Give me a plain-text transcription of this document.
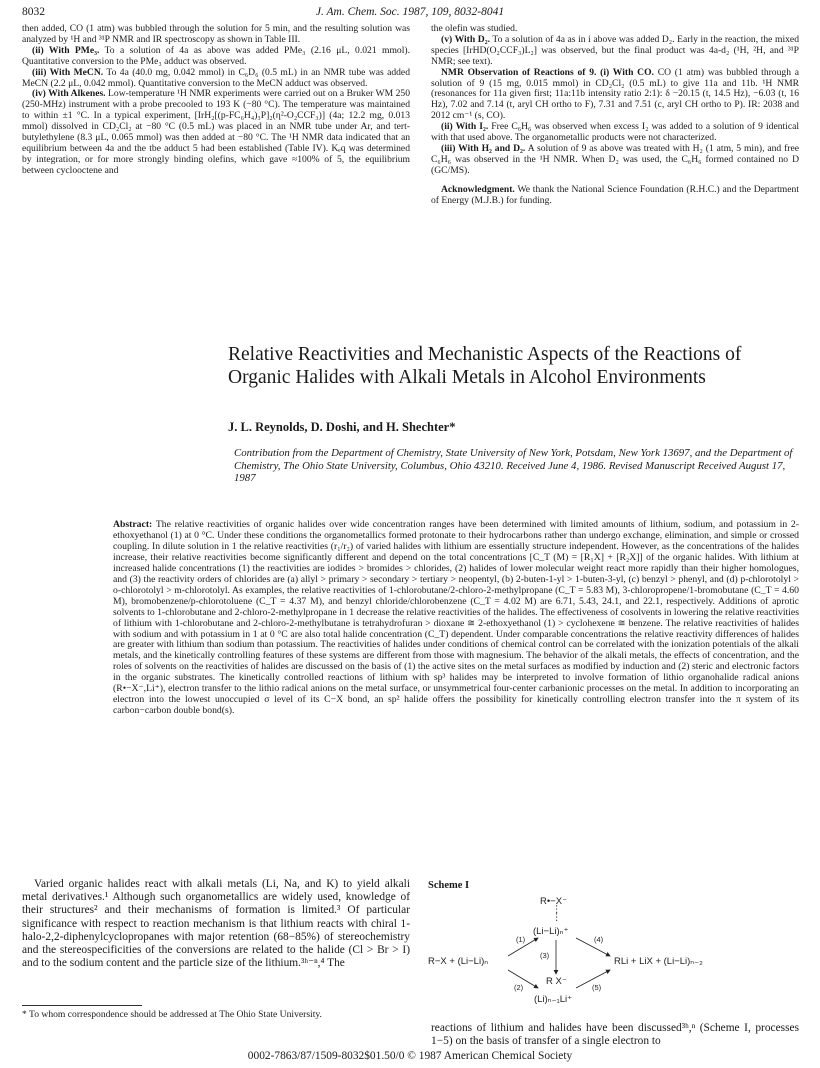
8032	J. Am. Chem. Soc. 1987, 109, 8032-8041

then added, CO (1 atm) was bubbled through the solution for 5 min, and the resulting solution was analyzed by ¹H and ³¹P NMR and IR spectroscopy as shown in Table III.

(ii) With PMe₃. To a solution of 4a as above was added PMe₃ (2.16 μL, 0.021 mmol). Quantitative conversion to the PMe₃ adduct was observed.

(iii) With MeCN. To 4a (40.0 mg, 0.042 mmol) in C₆D₆ (0.5 mL) in an NMR tube was added MeCN (2.2 μL, 0.042 mmol). Quantitative conversion to the MeCN adduct was observed.

(iv) With Alkenes. Low-temperature ¹H NMR experiments were carried out on a Bruker WM 250 (250-MHz) instrument with a probe precooled to 193 K (−80 °C). The temperature was maintained to within ±1 °C. In a typical experiment, [IrH₂[(p-FC₆H₄)₃P]₂(η²-O₂CCF₃)] (4a; 12.2 mg, 0.013 mmol) dissolved in CD₂Cl₂ at −80 °C (0.5 mL) was placed in an NMR tube under Ar, and tert-butylethylene (8.3 μL, 0.065 mmol) was then added at −80 °C. The ¹H NMR data indicated that an equilibrium between 4a and the tbe adduct 5 had been established (Table IV). Kₑq was determined by integration, or for more strongly binding olefins, which gave ≈100% of 5, the equilibrium between cyclooctene and

the olefin was studied.

(v) With D₂. To a solution of 4a as in i above was added D₂. Early in the reaction, the mixed species [IrHD(O₂CCF₃)L₂] was observed, but the final product was 4a-d₂ (¹H, ²H, and ³¹P NMR; see text).

NMR Observation of Reactions of 9. (i) With CO. CO (1 atm) was bubbled through a solution of 9 (15 mg, 0.015 mmol) in CD₂Cl₂ (0.5 mL) to give 11a and 11b. ¹H NMR (resonances for 11a given first; 11a:11b intensity ratio 2:1): δ −20.15 (t, 14.5 Hz), −6.03 (t, 16 Hz), 7.02 and 7.14 (t, aryl CH ortho to F), 7.31 and 7.51 (c, aryl CH ortho to P). IR: 2038 and 2012 cm⁻¹ (s, CO).

(ii) With I₂. Free C₆H₆ was observed when excess I₂ was added to a solution of 9 identical with that used above. The organometallic products were not characterized.

(iii) With H₂ and D₂. A solution of 9 as above was treated with H₂ (1 atm, 5 min), and free C₆H₆ was observed in the ¹H NMR. When D₂ was used, the C₆H₆ formed contained no D (GC/MS).

Acknowledgment. We thank the National Science Foundation (R.H.C.) and the Department of Energy (M.J.B.) for funding.

Relative Reactivities and Mechanistic Aspects of the Reactions of Organic Halides with Alkali Metals in Alcohol Environments
J. L. Reynolds, D. Doshi, and H. Shechter*
Contribution from the Department of Chemistry, State University of New York, Potsdam, New York 13697, and the Department of Chemistry, The Ohio State University, Columbus, Ohio 43210. Received June 4, 1986. Revised Manuscript Received August 17, 1987
Abstract: The relative reactivities of organic halides over wide concentration ranges have been determined with limited amounts of lithium, sodium, and potassium in 2-ethoxyethanol (1) at 0 °C. Under these conditions the organometallics formed protonate to their hydrocarbons rather than undergo exchange, elimination, and simple or crossed coupling. In dilute solution in 1 the relative reactivities (r₁/r₂) of varied halides with lithium are essentially structure independent. However, as the concentrations of the halides increase, their relative reactivities become significantly different and depend on the total concentrations [C_T (M) = [R₁X] + [R₂X]] of the organic halides. With lithium at increased halide concentrations (1) the reactivities are iodides > bromides > chlorides, (2) halides of lower molecular weight react more rapidly than their higher homologues, and (3) the reactivity orders of chlorides are (a) allyl > primary > secondary > tertiary > neopentyl, (b) 2-buten-1-yl > 1-buten-3-yl, (c) benzyl > phenyl, and (d) p-chlorotolyl > o-chlorotolyl > m-chlorotolyl. As examples, the relative reactivities of 1-chlorobutane/2-chloro-2-methylpropane (C_T = 5.83 M), 3-chloropropene/1-bromobutane (C_T = 4.60 M), bromobenzene/p-chlorotoluene (C_T = 4.37 M), and benzyl chloride/chlorobenzene (C_T = 4.02 M) are 6.71, 5.43, 24.1, and 22.1, respectively. Additions of aprotic solvents to 1-chlorobutane and 2-chloro-2-methylpropane in 1 decrease the relative reactivities of the halides. The effectiveness of cosolvents in lowering the relative reactivities of lithium with 1-chlorobutane and 2-chloro-2-methylbutane is tetrahydrofuran > dioxane ≅ 2-ethoxyethanol (1) > cyclohexene ≅ benzene. The relative reactivities of halides with sodium and with potassium in 1 at 0 °C are also total halide concentration (C_T) dependent. Under comparable concentrations the relative reactivity differences of halides are greater with lithium than sodium than potassium. The reactivities of halides under conditions of chemical control can be correlated with the ionization potentials of the alkali metals, and the kinetically controlling features of these systems are different from those with magnesium. The behavior of the alkali metals, the effects of concentration, and the roles of solvents on the reactivities of halides are discussed on the basis of (1) the active sites on the metal surfaces as modified by induction and (2) steric and electronic factors in the organic substrates. The kinetically controlled reactions of lithium with sp³ halides may be interpreted to involve formation of lithio organohalide radical anions (R•−X⁻,Li⁺), electron transfer to the lithio radical anions on the metal surface, or unsymmetrical four-center carbanionic processes on the metal. In addition to incorporating an electron into the lowest unoccupied σ level of its C−X bond, an sp² halide offers the possibility for kinetically controlling electron transfer into the π system of its carbon−carbon double bond(s).
Varied organic halides react with alkali metals (Li, Na, and K) to yield alkali metal derivatives.¹ Although such organometallics are widely used, knowledge of their structures² and their mechanisms of formation is limited.³ Of particular significance with respect to reaction mechanism is that lithium reacts with chiral 1-halo-2,2-diphenylcyclopropanes with major retention (68−85%) of stereochemistry and the stereospecificities of the conversions are related to the halide (Cl > Br > I) and to the sodium content and the particle size of the lithium.³ʰ⁻ⁿ,⁴ The
* To whom correspondence should be addressed at The Ohio State University.
Scheme I
R•−X⁻
⋮
⋮
(Li−Li)ₙ⁺
(1)	(4)
(3)
R−X + (Li−Li)ₙ	RLi + LiX + (Li−Li)ₙ₋₂
(2)
R X⁻
(5)
(Li)ₙ₋₁Li⁺
reactions of lithium and halides have been discussed³ʰ,ⁿ (Scheme I, processes 1−5) on the basis of transfer of a single electron to
0002-7863/87/1509-8032$01.50/0 © 1987 American Chemical Society
